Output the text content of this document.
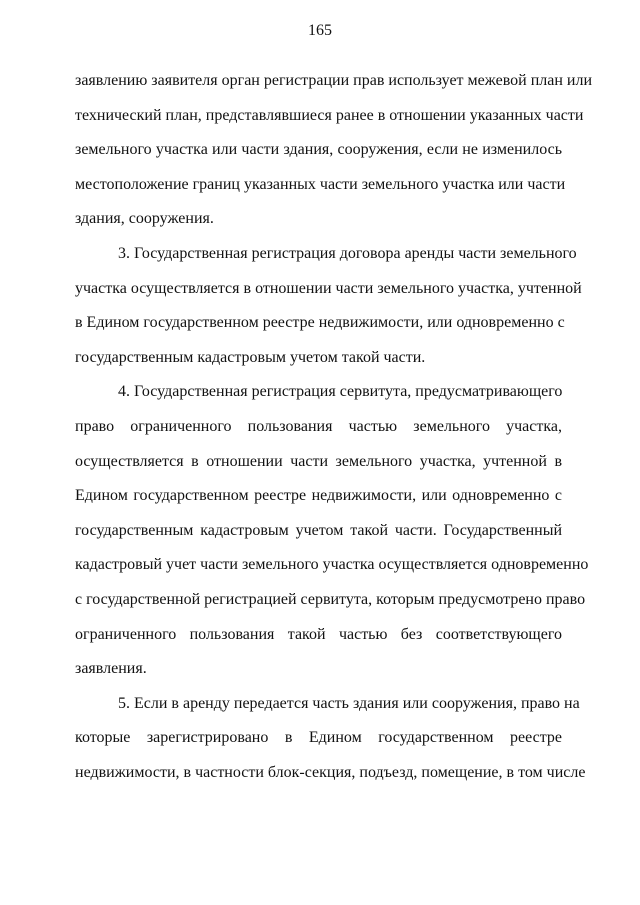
165
заявлению заявителя орган регистрации прав использует межевой план или
технический план, представлявшиеся ранее в отношении указанных части
земельного участка или части здания, сооружения, если не изменилось
местоположение границ указанных части земельного участка или части
здания, сооружения.
3. Государственная регистрация договора аренды части земельного
участка осуществляется в отношении части земельного участка, учтенной
в Едином государственном реестре недвижимости, или одновременно с
государственным кадастровым учетом такой части.
4. Государственная регистрация сервитута, предусматривающего
право ограниченного пользования частью земельного участка,
осуществляется в отношении части земельного участка, учтенной в
Едином государственном реестре недвижимости, или одновременно с
государственным кадастровым учетом такой части. Государственный
кадастровый учет части земельного участка осуществляется одновременно
с государственной регистрацией сервитута, которым предусмотрено право
ограниченного пользования такой частью без соответствующего
заявления.
5. Если в аренду передается часть здания или сооружения, право на
которые зарегистрировано в Едином государственном реестре
недвижимости, в частности блок-секция, подъезд, помещение, в том числе
